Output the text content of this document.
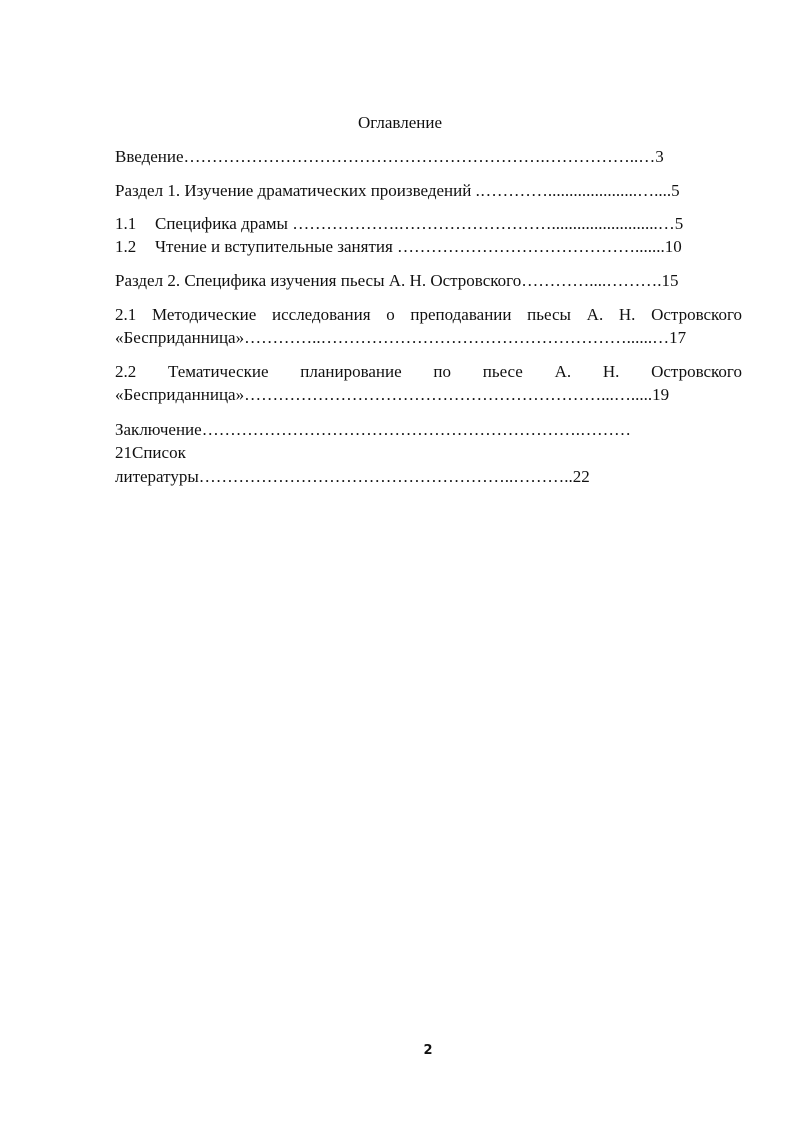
Оглавление
Введение……………………………………………………….……………..…3
Раздел 1. Изучение драматических произведений .………….....................…....5
1.1 Специфика драмы ……………….……………………….........................…5
1.2 Чтение и вступительные занятия …………………………………….......10
Раздел 2. Специфика изучения пьесы А. Н. Островского…………....……….15
2.1 Методические исследования о преподавании пьесы А. Н. Островского
«Бесприданница»…………..………………………………………………......…17
2.2 Тематические планирование по пьесе А. Н. Островского
«Бесприданница»………………………………………………………...….....19
Заключение………………………………………………………….………
21Список
литературы………………………………………………..………..22
2
